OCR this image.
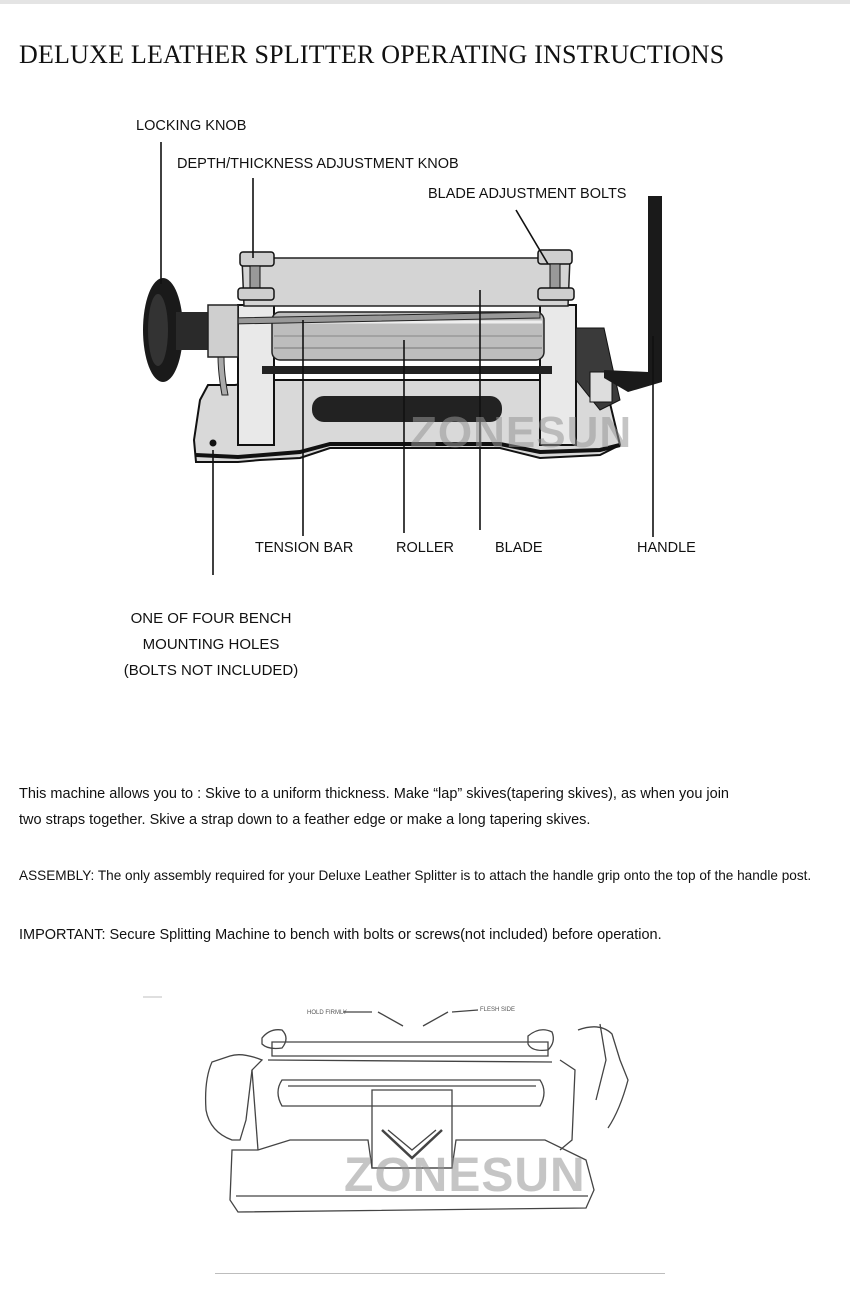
DELUXE LEATHER SPLITTER OPERATING INSTRUCTIONS
ZONESUN
LOCKING KNOB
DEPTH/THICKNESS ADJUSTMENT KNOB
BLADE ADJUSTMENT BOLTS
TENSION BAR	ROLLER	BLADE	HANDLE
ONE OF FOUR BENCH
MOUNTING HOLES
(BOLTS NOT INCLUDED)
This machine allows you to : Skive to a uniform thickness. Make “lap” skives(tapering skives), as when you join
two straps together. Skive a strap down to a feather edge or make a long tapering skives.
ASSEMBLY: The only assembly required for your Deluxe Leather Splitter is to attach the handle grip onto the top of the handle post.
IMPORTANT: Secure Splitting Machine to bench with bolts or screws(not included) before operation.
HOLD FIRMLY	FLESH SIDE
ZONESUN
